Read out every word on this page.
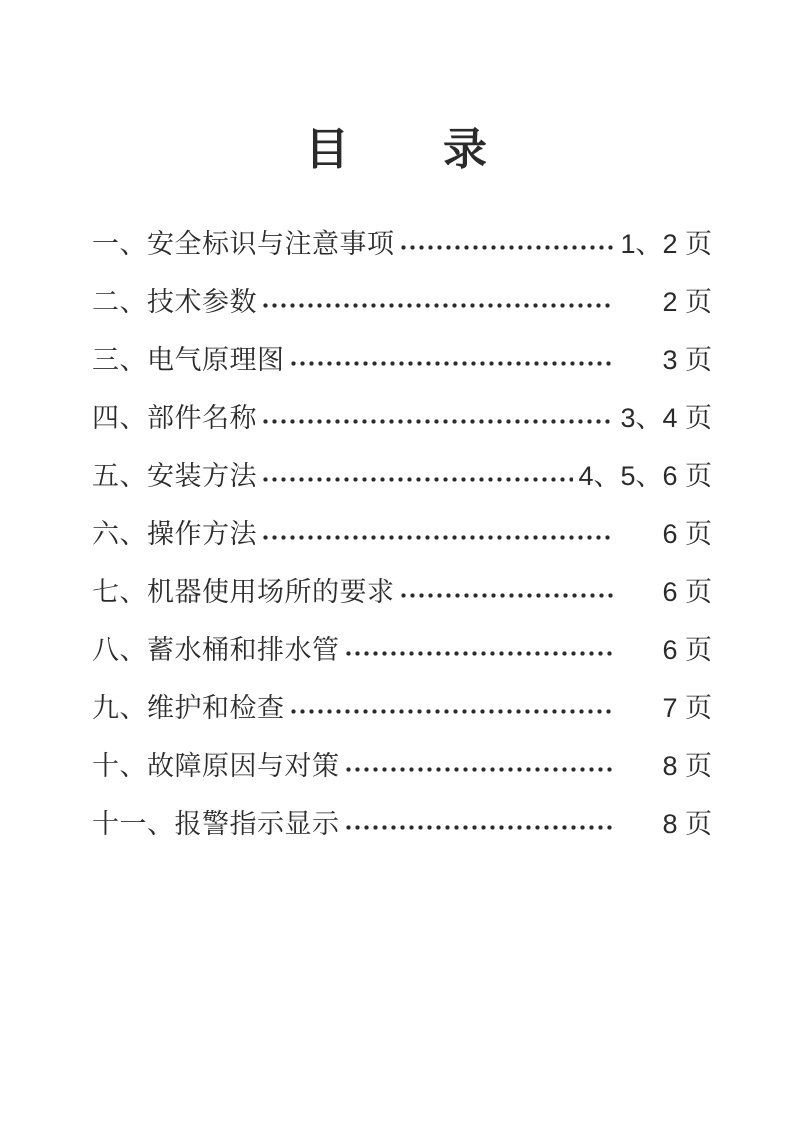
目　　录
一、安全标识与注意事项	1、2 页
二、技术参数	2 页
三、电气原理图	3 页
四、部件名称	3、4 页
五、安装方法	4、5、6 页
六、操作方法	6 页
七、机器使用场所的要求	6 页
八、蓄水桶和排水管	6 页
九、维护和检查	7 页
十、故障原因与对策	8 页
十一、报警指示显示	8 页
